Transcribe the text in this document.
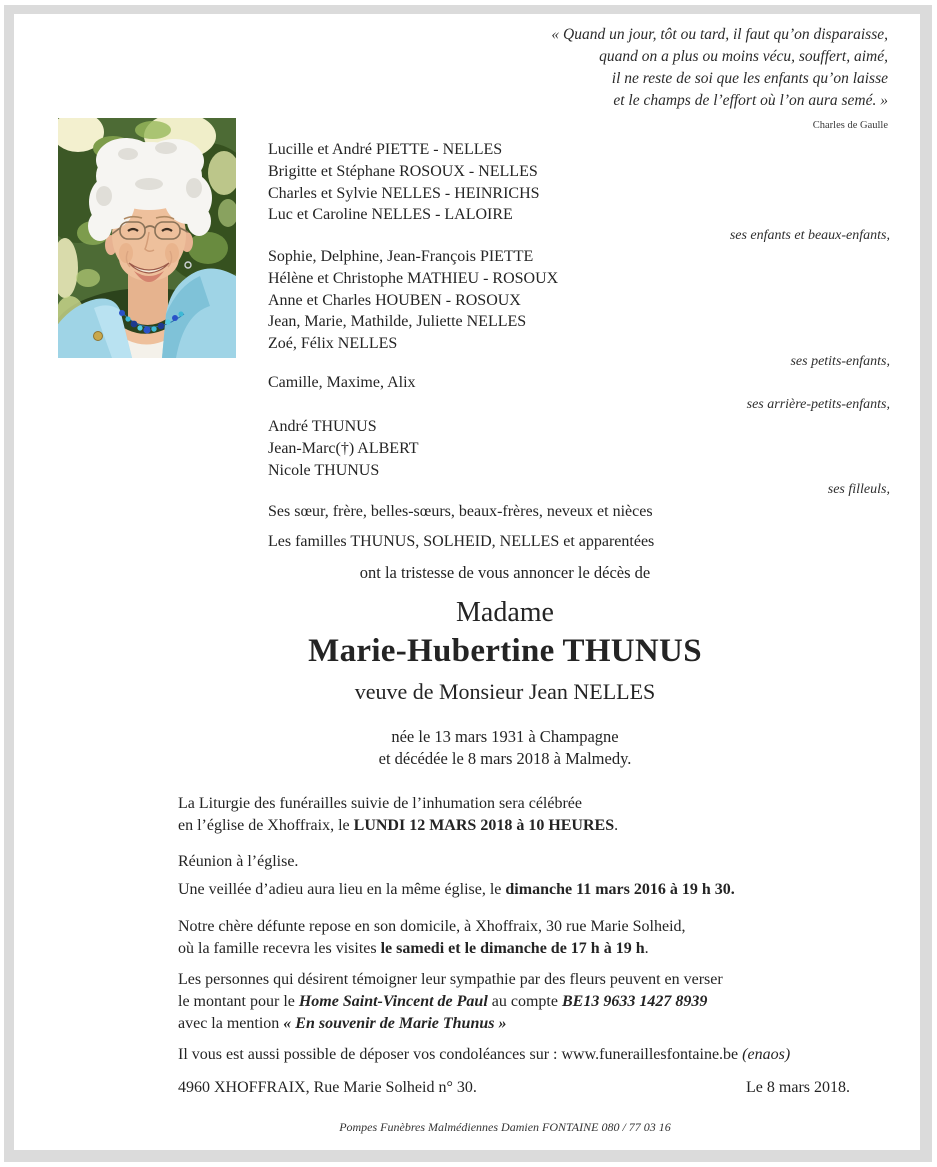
« Quand un jour, tôt ou tard, il faut qu’on disparaisse,
quand on a plus ou moins vécu, souffert, aimé,
il ne reste de soi que les enfants qu’on laisse
et le champs de l’effort où l’on aura semé. »
Charles de Gaulle
Lucille et André PIETTE - NELLES
Brigitte et Stéphane ROSOUX - NELLES
Charles et Sylvie NELLES - HEINRICHS
Luc et Caroline NELLES - LALOIRE
ses enfants et beaux-enfants,
Sophie, Delphine, Jean-François PIETTE
Hélène et Christophe MATHIEU - ROSOUX
Anne et Charles HOUBEN - ROSOUX
Jean, Marie, Mathilde, Juliette NELLES
Zoé, Félix NELLES
ses petits-enfants,
Camille, Maxime, Alix
ses arrière-petits-enfants,
André THUNUS
Jean-Marc(†) ALBERT
Nicole THUNUS
ses filleuls,
Ses sœur, frère, belles-sœurs, beaux-frères, neveux et nièces
Les familles THUNUS, SOLHEID, NELLES et apparentées
ont la tristesse de vous annoncer le décès de
Madame
Marie-Hubertine THUNUS
veuve de Monsieur Jean NELLES
née le 13 mars 1931 à Champagne
et décédée le 8 mars 2018 à Malmedy.
Pompes Funèbres Malmédiennes Damien FONTAINE 080 / 77 03 16

La Liturgie des funérailles suivie de l’inhumation sera célébrée
en l’église de Xhoffraix, le LUNDI 12 MARS 2018 à 10 HEURES.

Réunion à l’église.

Une veillée d’adieu aura lieu en la même église, le dimanche 11 mars 2016 à 19 h 30.

Notre chère défunte repose en son domicile, à Xhoffraix, 30 rue Marie Solheid,
où la famille recevra les visites le samedi et le dimanche de 17 h à 19 h.

Les personnes qui désirent témoigner leur sympathie par des fleurs peuvent en verser
le montant pour le Home Saint-Vincent de Paul au compte BE13 9633 1427 8939
avec la mention « En souvenir de Marie Thunus »

Il vous est aussi possible de déposer vos condoléances sur : www.funeraillesfontaine.be (enaos)

4960 XHOFFRAIX, Rue Marie Solheid n° 30.	Le 8 mars 2018.
